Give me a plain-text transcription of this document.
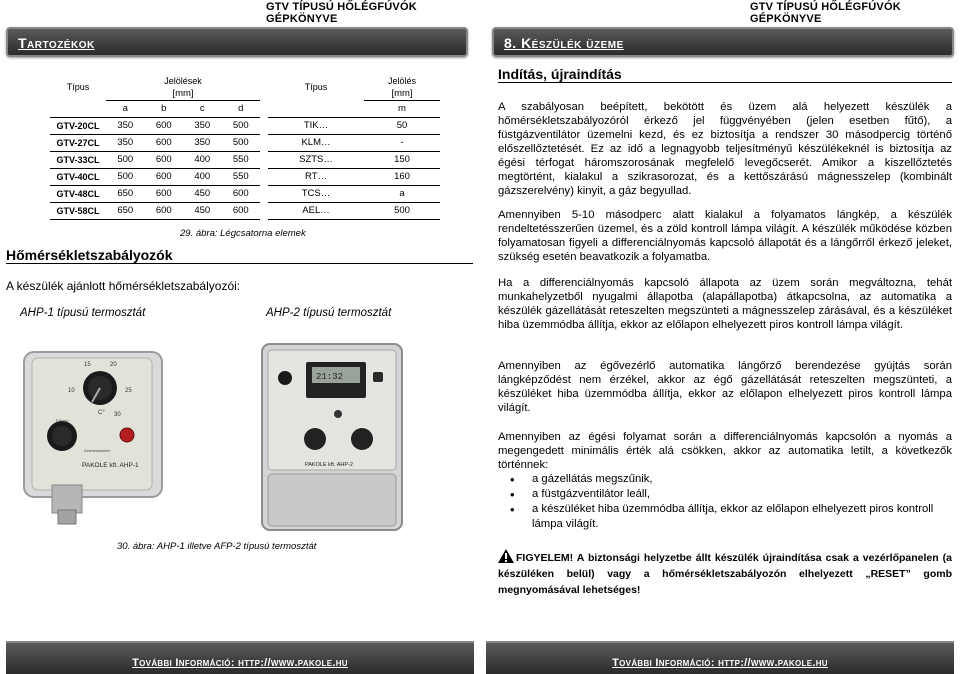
GTV TÍPUSÚ HŐLÉGFÚVÓK GÉPKÖNYVE
Tartozékok
Típus	Jelölések			
	[mm]			
	a	b	c	d
GTV-20CL	350	600	350	500
GTV-27CL	350	600	350	500
GTV-33CL	500	600	400	550
GTV-40CL	500	600	400	550
GTV-48CL	650	600	450	600
GTV-58CL	650	600	450	600
Típus	Jelölés
	[mm]
	m
TIK…	50
KLM…	-
SZTS…	150
RT…	160
TCS…	a
AEL…	500
29. ábra: Légcsatorna elemek
Hőmérsékletszabályozók
A készülék ajánlott hőmérsékletszabályozói:
AHP-1 típusú termosztát	AHP-2 típusú termosztát
15	20
25
10
30
C°
F.Beep
Zeichenkasten
PAKOLE kft. AHP-1
21:32
PAKOLE kft. AHP-2
30. ábra: AHP-1 illetve AFP-2 típusú termosztát
További Információ: http://www.pakole.hu
GTV TÍPUSÚ HŐLÉGFÚVÓK GÉPKÖNYVE
8. Készülék üzeme
Indítás, újraindítás
A szabályosan beépített, bekötött és üzem alá helyezett készülék a hőmérsékletszabályozóról érkező jel függvényében (jelen esetben fűtő), a füstgázventilátor üzemelni kezd, és ez biztosítja a rendszer 30 másodpercig történő előszellőztetését. Ez az idő a legnagyobb teljesítményű készülékeknél is biztosítja az égési térfogat háromszorosának megfelelő levegőcserét. Amikor a kiszellőztetés megtörtént, kialakul a szikrasorozat, és a kettőszárású mágnesszelep (kombinált gázszerelvény) kinyit, a gáz begyullad.
Amennyiben 5-10 másodperc alatt kialakul a folyamatos lángkép, a készülék rendeltetésszerűen üzemel, és a zöld kontroll lámpa világít. A készülék működése közben folyamatosan figyeli a differenciálnyomás kapcsoló állapotát és a lángőrről érkező jeleket, szükség esetén beavatkozik a folyamatba.
Ha a differenciálnyomás kapcsoló állapota az üzem során megváltozna, tehát munkahelyzetből nyugalmi állapotba (alapállapotba) átkapcsolna, az automatika a készülék gázellátását reteszelten megszünteti a mágnesszelep zárásával, és a készüléket hiba üzemmódba állítja, ekkor az előlapon elhelyezett piros kontroll lámpa világít.
Amennyiben az égővezérlő automatika lángőrző berendezése gyújtás során lángképződést nem érzékel, akkor az égő gázellátását reteszelten megszünteti, a készüléket hiba üzemmódba állítja, ekkor az előlapon elhelyezett piros kontroll lámpa világít.
Amennyiben az égési folyamat során a differenciálnyomás kapcsolón a nyomás a megengedett minimális érték alá csökken, akkor az automatika letilt, a következők történnek:
• a gázellátás megszűnik,
• a füstgázventilátor leáll,
• a készüléket hiba üzemmódba állítja, ekkor az előlapon elhelyezett piros kontroll lámpa világít.
FIGYELEM! A biztonsági helyzetbe állt készülék újraindítása csak a vezérlőpanelen (a készüléken belül) vagy a hőmérsékletszabályozón elhelyezett „RESET” gomb megnyomásával lehetséges!
További Információ: http://www.pakole.hu
